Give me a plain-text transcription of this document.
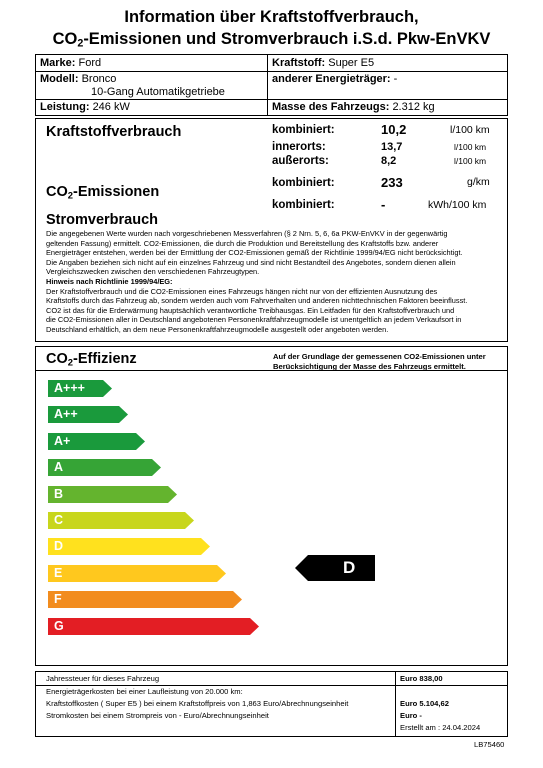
Information über Kraftstoffverbrauch,
$CO_2$-Emissionen und Stromverbrauch i.S.d. Pkw-EnVKV
Marke: Ford	Kraftstoff: Super E5
Modell: Bronco
10-Gang Automatikgetriebe
anderer Energieträger: -
Leistung: 246 kW	Masse des Fahrzeugs: 2.312 kg
Kraftstoffverbrauch
$CO_2$-Emissionen
Stromverbrauch
kombiniert:	10,2	l/100 km
innerorts:	13,7	l/100 km
außerorts:	8,2	l/100 km
kombiniert:	233	g/km
kombiniert:	-	kWh/100 km
Die angegebenen Werte wurden nach vorgeschriebenen Messverfahren (§ 2 Nrn. 5, 6, 6a PKW-EnVKV in der gegenwärtig
geltenden Fassung) ermittelt. CO2-Emissionen, die durch die Produktion und Bereitstellung des Kraftstoffs bzw. anderer
Energieträger entstehen, werden bei der Ermittlung der CO2-Emissionen gemäß der Richtlinie 1999/94/EG nicht berücksichtigt.
Die Angaben beziehen sich nicht auf ein einzelnes Fahrzeug und sind nicht Bestandteil des Angebotes, sondern dienen allein
Vergleichszwecken zwischen den verschiedenen Fahrzeugtypen.
Hinweis nach Richtlinie 1999/94/EG:
Der Kraftstoffverbrauch und die CO2-Emissionen eines Fahrzeugs hängen nicht nur von der effizienten Ausnutzung des
Kraftstoffs durch das Fahrzeug ab, sondern werden auch vom Fahrverhalten und anderen nichttechnischen Faktoren beeinflusst.
CO2 ist das für die Erderwärmung hauptsächlich verantwortliche Treibhausgas. Ein Leitfaden für den Kraftstoffverbrauch und
die CO2-Emissionen aller in Deutschland angebotenen Personenkraftfahrzeugmodelle ist unentgeltlich an jedem Verkaufsort in
Deutschland erhältlich, an dem neue Personenkraftfahrzeugmodelle ausgestellt oder angeboten werden.
$CO_2$-Effizienz	Auf der Grundlage der gemessenen CO2-Emissionen unter
Berücksichtigung der Masse des Fahrzeugs ermittelt.
A+++
A++
A+
A
B
C
D
E
F
G
D
Jahressteuer für dieses Fahrzeug	Euro 838,00
Energieträgerkosten bei einer Laufleistung von 20.000 km:
Kraftstoffkosten ( Super E5 ) bei einem Kraftstoffpreis von 1,863 Euro/Abrechnungseinheit	Euro 5.104,62
Stromkosten bei einem Strompreis von - Euro/Abrechnungseinheit	Euro -
Erstellt am : 24.04.2024
LB75460
